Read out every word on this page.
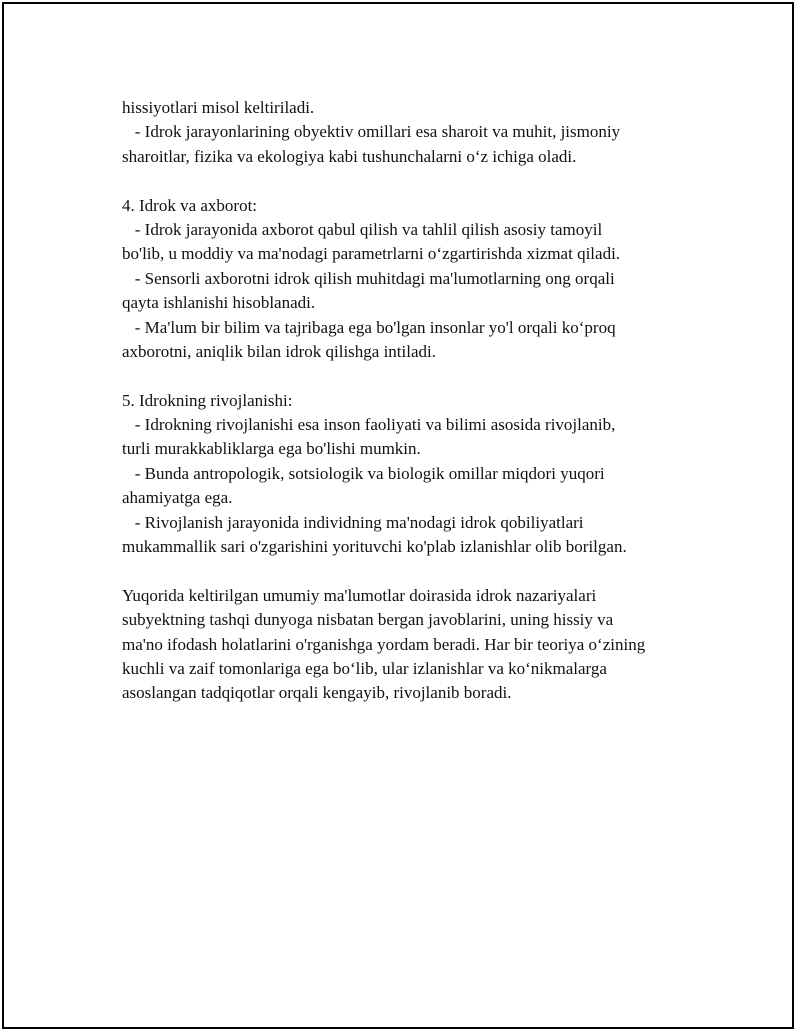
hissiyotlari misol keltiriladi.
- Idrok jarayonlarining obyektiv omillari esa sharoit va muhit, jismoniy
sharoitlar, fizika va ekologiya kabi tushunchalarni o‘z ichiga oladi.
4. Idrok va axborot:
- Idrok jarayonida axborot qabul qilish va tahlil qilish asosiy tamoyil
bo'lib, u moddiy va ma'nodagi parametrlarni o‘zgartirishda xizmat qiladi.
- Sensorli axborotni idrok qilish muhitdagi ma'lumotlarning ong orqali
qayta ishlanishi hisoblanadi.
- Ma'lum bir bilim va tajribaga ega bo'lgan insonlar yo'l orqali ko‘proq
axborotni, aniqlik bilan idrok qilishga intiladi.
5. Idrokning rivojlanishi:
- Idrokning rivojlanishi esa inson faoliyati va bilimi asosida rivojlanib,
turli murakkabliklarga ega bo'lishi mumkin.
- Bunda antropologik, sotsiologik va biologik omillar miqdori yuqori
ahamiyatga ega.
- Rivojlanish jarayonida individning ma'nodagi idrok qobiliyatlari
mukammallik sari o'zgarishini yorituvchi ko'plab izlanishlar olib borilgan.
Yuqorida keltirilgan umumiy ma'lumotlar doirasida idrok nazariyalari
subyektning tashqi dunyoga nisbatan bergan javoblarini, uning hissiy va
ma'no ifodash holatlarini o'rganishga yordam beradi. Har bir teoriya o‘zining
kuchli va zaif tomonlariga ega bo‘lib, ular izlanishlar va ko‘nikmalarga
asoslangan tadqiqotlar orqali kengayib, rivojlanib boradi.
